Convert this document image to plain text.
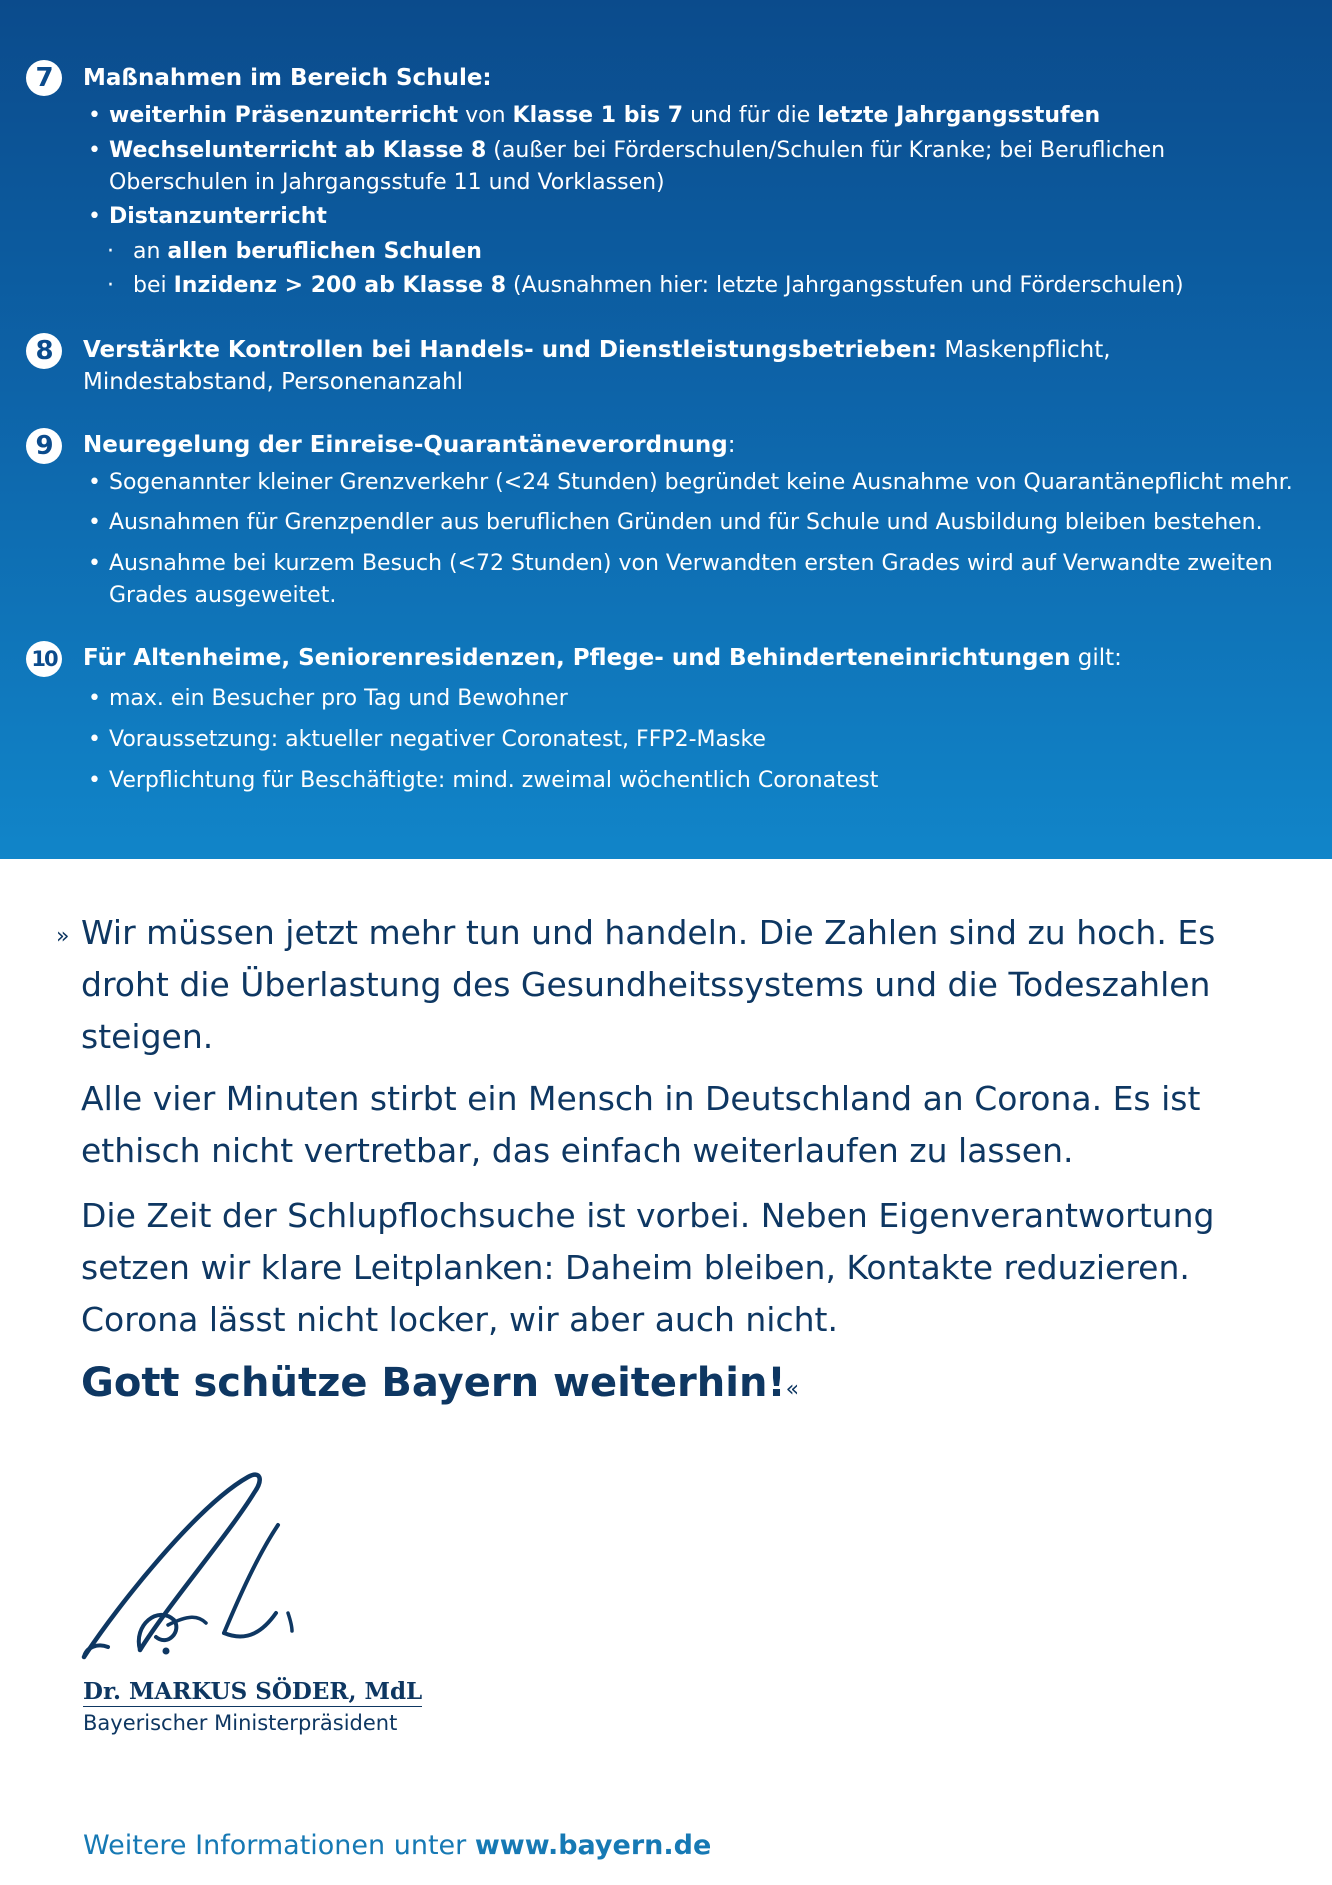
7	Maßnahmen im Bereich Schule:
• weiterhin Präsenzunterricht von Klasse 1 bis 7 und für die letzte Jahrgangsstufen
• Wechselunterricht ab Klasse 8 (außer bei Förderschulen/Schulen für Kranke; bei Beruflichen Oberschulen in Jahrgangsstufe 11 und Vorklassen)
• Distanzunterricht
· an allen beruflichen Schulen
· bei Inzidenz > 200 ab Klasse 8 (Ausnahmen hier: letzte Jahrgangsstufen und Förderschulen)
8	Verstärkte Kontrollen bei Handels- und Dienstleistungsbetrieben: Maskenpflicht, Mindestabstand, Personenanzahl
9	Neuregelung der Einreise-Quarantäneverordnung:
• Sogenannter kleiner Grenzverkehr (<24 Stunden) begründet keine Ausnahme von Quarantänepflicht mehr.
• Ausnahmen für Grenzpendler aus beruflichen Gründen und für Schule und Ausbildung bleiben bestehen.
• Ausnahme bei kurzem Besuch (<72 Stunden) von Verwandten ersten Grades wird auf Verwandte zweiten Grades ausgeweitet.
10 Für Altenheime, Seniorenresidenzen, Pflege- und Behinderteneinrichtungen gilt:
• max. ein Besucher pro Tag und Bewohner
• Voraussetzung: aktueller negativer Coronatest, FFP2-Maske
• Verpflichtung für Beschäftigte: mind. zweimal wöchentlich Coronatest
» Wir müssen jetzt mehr tun und handeln. Die Zahlen sind zu hoch. Es droht die Überlastung des Gesundheitssystems und die Todeszahlen steigen.
Alle vier Minuten stirbt ein Mensch in Deutschland an Corona. Es ist ethisch nicht vertretbar, das einfach weiterlaufen zu lassen.
Die Zeit der Schlupflochsuche ist vorbei. Neben Eigenverantwortung setzen wir klare Leitplanken: Daheim bleiben, Kontakte reduzieren. Corona lässt nicht locker, wir aber auch nicht.
Gott schütze Bayern weiterhin!«
Dr. MARKUS SÖDER, MdL
Bayerischer Ministerpräsident
Weitere Informationen unter www.bayern.de
